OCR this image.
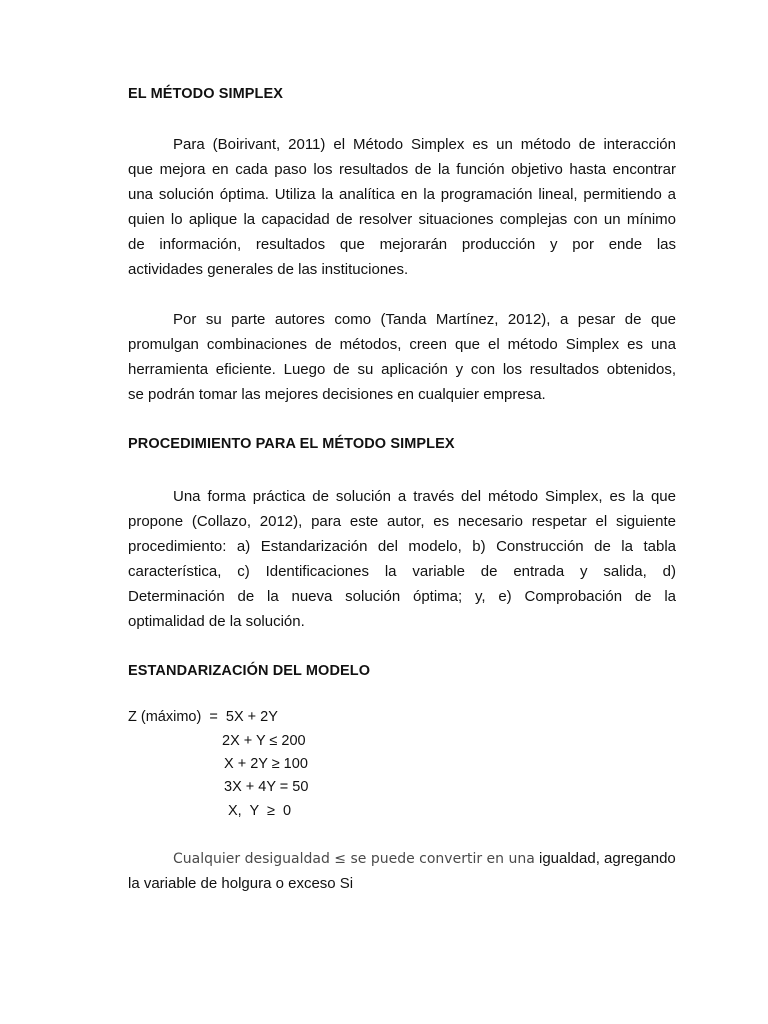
EL MÉTODO SIMPLEX
Para (Boirivant, 2011) el Método Simplex es un método de interacción
que mejora en cada paso los resultados de la función objetivo hasta encontrar
una solución óptima. Utiliza la analítica en la programación lineal, permitiendo a
quien lo aplique la capacidad de resolver situaciones complejas con un mínimo
de información, resultados que mejorarán producción y por ende las
actividades generales de las instituciones.
Por su parte autores como (Tanda Martínez, 2012), a pesar de que
promulgan combinaciones de métodos, creen que el método Simplex es una
herramienta eficiente. Luego de su aplicación y con los resultados obtenidos,
se podrán tomar las mejores decisiones en cualquier empresa.
PROCEDIMIENTO PARA EL MÉTODO SIMPLEX
Una forma práctica de solución a través del método Simplex, es la que
propone (Collazo, 2012), para este autor, es necesario respetar el siguiente
procedimiento: a) Estandarización del modelo, b) Construcción de la tabla
característica, c) Identificaciones la variable de entrada y salida, d)
Determinación de la nueva solución óptima; y, e) Comprobación de la
optimalidad de la solución.
ESTANDARIZACIÓN DEL MODELO
Z (máximo)  =  5X + 2Y
2X + Y ≤ 200
X + 2Y ≥ 100
3X + 4Y = 50
X,  Y  ≥  0
Cualquier desigualdad ≤ se puede convertir en una igualdad, agregando
la variable de holgura o exceso Si
